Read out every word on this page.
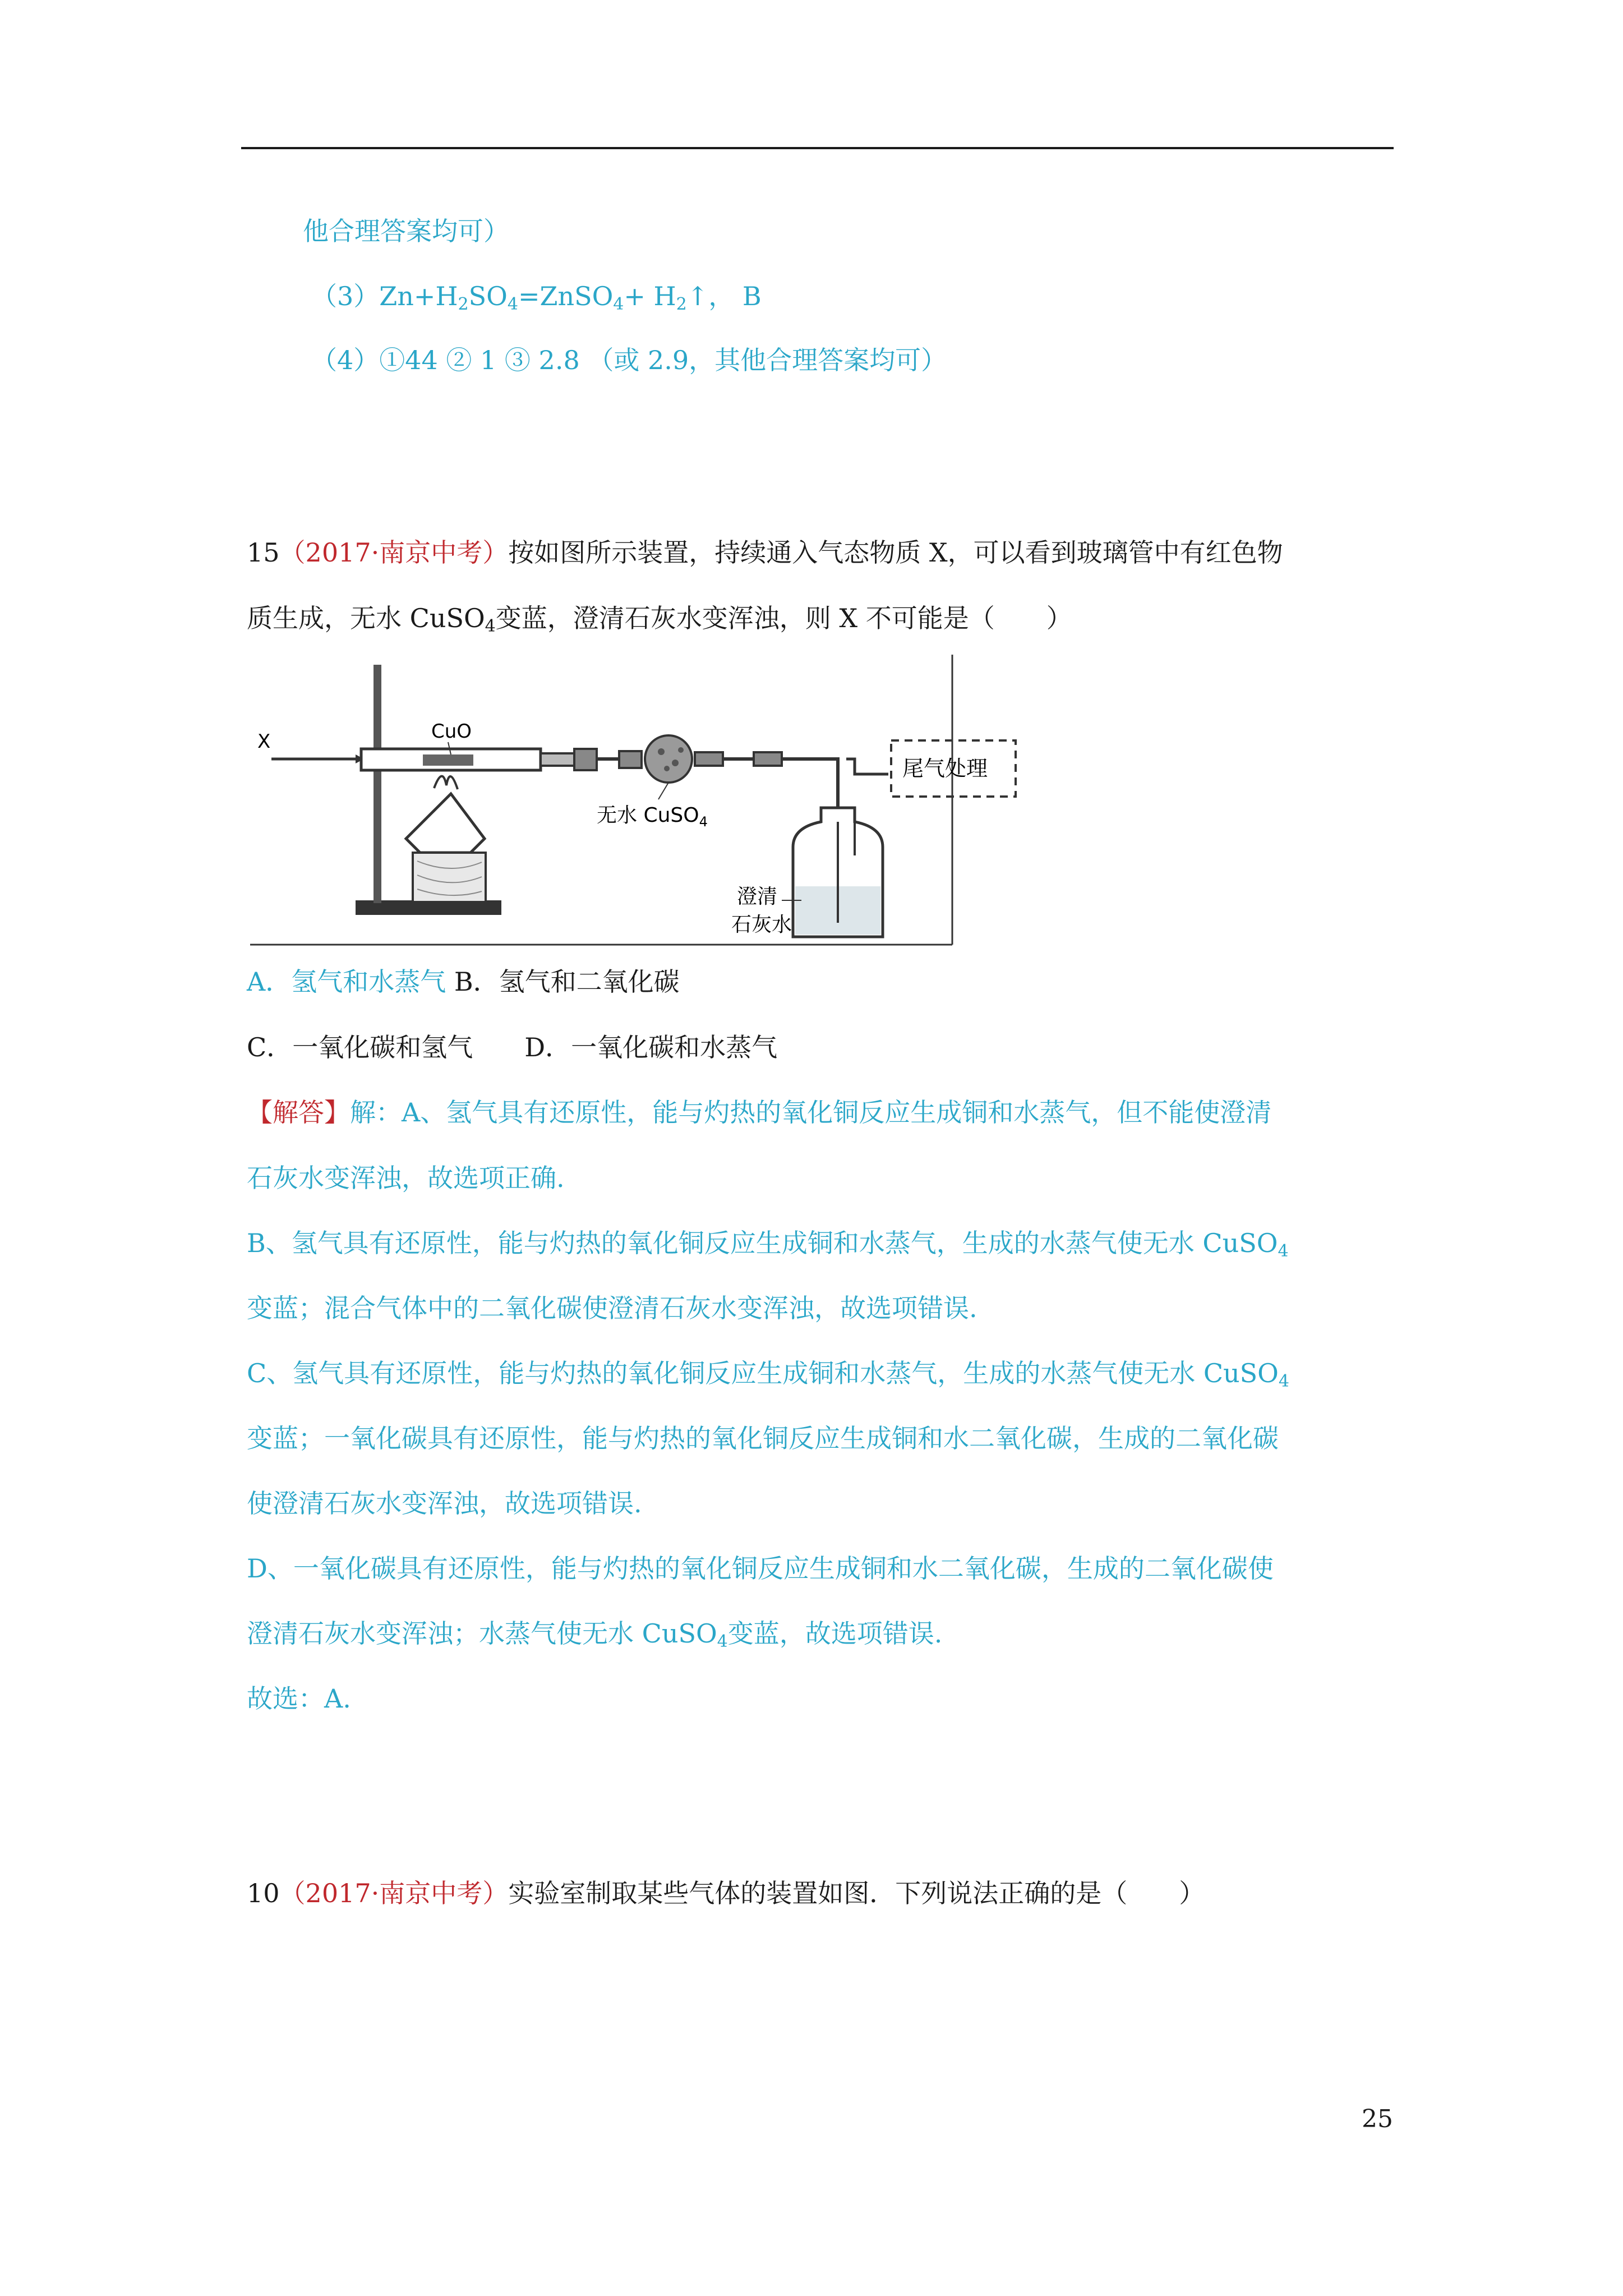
他合理答案均可）
$(3)Zn+H_2SO_4=ZnSO_4+$ $H_2↑$， B
（4）①44 ② 1 ③ 2.8 （或 2.9，其他合理答案均可）
15（2017·南京中考）按如图所示装置，持续通入气态物质 X，可以看到玻璃管中有红色物
质生成，无水 CuSO$_4$变蓝，澄清石灰水变浑浊，则 X 不可能是（　　）
X	CuO
无水 CuSO$_4$
尾气处理
澄清
石灰水
A．氢气和水蒸气 B．氢气和二氧化碳
C．一氧化碳和氢气　　 D．一氧化碳和水蒸气
【解答】解：A、氢气具有还原性，能与灼热的氧化铜反应生成铜和水蒸气，但不能使澄清
石灰水变浑浊，故选项正确.
B、氢气具有还原性，能与灼热的氧化铜反应生成铜和水蒸气，生成的水蒸气使无水 CuSO$_4$
变蓝；混合气体中的二氧化碳使澄清石灰水变浑浊，故选项错误.
C、氢气具有还原性，能与灼热的氧化铜反应生成铜和水蒸气，生成的水蒸气使无水 CuSO$_4$
变蓝；一氧化碳具有还原性，能与灼热的氧化铜反应生成铜和水二氧化碳，生成的二氧化碳
使澄清石灰水变浑浊，故选项错误.
D、一氧化碳具有还原性，能与灼热的氧化铜反应生成铜和水二氧化碳，生成的二氧化碳使
澄清石灰水变浑浊；水蒸气使无水 CuSO$_4$变蓝，故选项错误.
故选：A.
10（2017·南京中考）实验室制取某些气体的装置如图．下列说法正确的是（　　）
25
